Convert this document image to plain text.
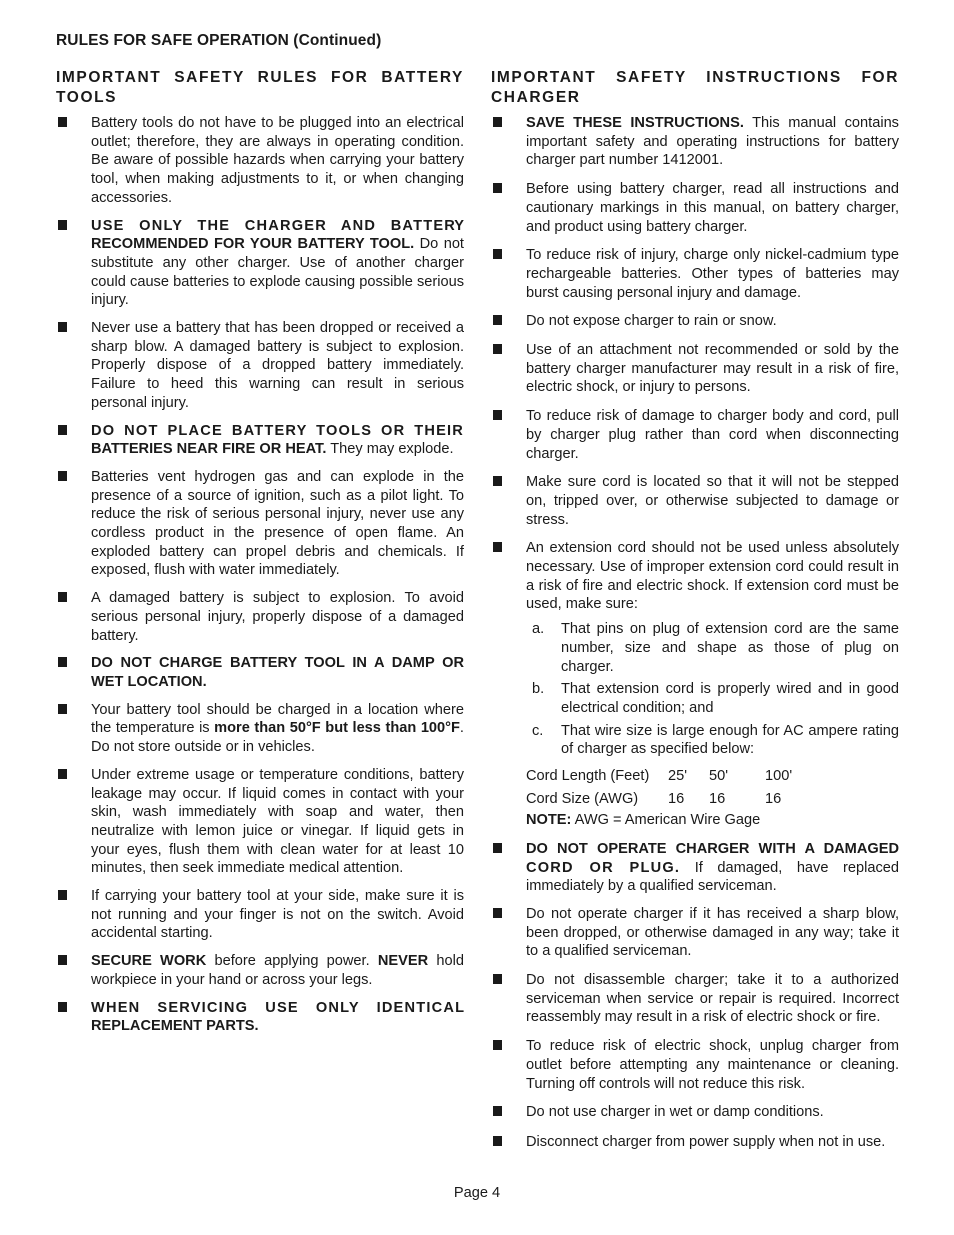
RULES FOR SAFE OPERATION (Continued)
IMPORTANT SAFETY RULES FOR BATTERY TOOLS
Battery tools do not have to be plugged into an electrical outlet; therefore, they are always in operating condition. Be aware of possible hazards when carrying your battery tool, when making adjustments to it, or when changing accessories.
USE ONLY THE CHARGER AND BATTERY RECOMMENDED FOR YOUR BATTERY TOOL. Do not substitute any other charger. Use of another charger could cause batteries to explode causing possible serious injury.
Never use a battery that has been dropped or received a sharp blow. A damaged battery is subject to explosion. Properly dispose of a dropped battery immediately. Failure to heed this warning can result in serious personal injury.
DO NOT PLACE BATTERY TOOLS OR THEIR BATTERIES NEAR FIRE OR HEAT. They may explode.
Batteries vent hydrogen gas and can explode in the presence of a source of ignition, such as a pilot light. To reduce the risk of serious personal injury, never use any cordless product in the presence of open flame. An exploded battery can propel debris and chemicals. If exposed, flush with water immediately.
A damaged battery is subject to explosion. To avoid serious personal injury, properly dispose of a damaged battery.
DO NOT CHARGE BATTERY TOOL IN A DAMP OR WET LOCATION.
Your battery tool should be charged in a location where the temperature is more than 50°F but less than 100°F. Do not store outside or in vehicles.
Under extreme usage or temperature conditions, battery leakage may occur. If liquid comes in contact with your skin, wash immediately with soap and water, then neutralize with lemon juice or vinegar. If liquid gets in your eyes, flush them with clean water for at least 10 minutes, then seek immediate medical attention.
If carrying your battery tool at your side, make sure it is not running and your finger is not on the switch. Avoid accidental starting.
SECURE WORK before applying power. NEVER hold workpiece in your hand or across your legs.
WHEN SERVICING USE ONLY IDENTICAL REPLACEMENT PARTS.
IMPORTANT SAFETY INSTRUCTIONS FOR CHARGER
SAVE THESE INSTRUCTIONS. This manual contains important safety and operating instructions for battery charger part number 1412001.
Before using battery charger, read all instructions and cautionary markings in this manual, on battery charger, and product using battery charger.
To reduce risk of injury, charge only nickel-cadmium type rechargeable batteries. Other types of batteries may burst causing personal injury and damage.
Do not expose charger to rain or snow.
Use of an attachment not recommended or sold by the battery charger manufacturer may result in a risk of fire, electric shock, or injury to persons.
To reduce risk of damage to charger body and cord, pull by charger plug rather than cord when disconnecting charger.
Make sure cord is located so that it will not be stepped on, tripped over, or otherwise subjected to damage or stress.
An extension cord should not be used unless absolutely necessary. Use of improper extension cord could result in a risk of fire and electric shock. If extension cord must be used, make sure:
a. That pins on plug of extension cord are the same number, size and shape as those of plug on charger.
b. That extension cord is properly wired and in good electrical condition; and
c. That wire size is large enough for AC ampere rating of charger as specified below:
Cord Length (Feet)	25'	50'	100'
Cord Size (AWG)	16	16	16
NOTE: AWG = American Wire Gage
DO NOT OPERATE CHARGER WITH A DAMAGED CORD OR PLUG. If damaged, have replaced immediately by a qualified serviceman.
Do not operate charger if it has received a sharp blow, been dropped, or otherwise damaged in any way; take it to a qualified serviceman.
Do not disassemble charger; take it to a authorized serviceman when service or repair is required. Incorrect reassembly may result in a risk of electric shock or fire.
To reduce risk of electric shock, unplug charger from outlet before attempting any maintenance or cleaning. Turning off controls will not reduce this risk.
Do not use charger in wet or damp conditions.
Disconnect charger from power supply when not in use.
Page 4
